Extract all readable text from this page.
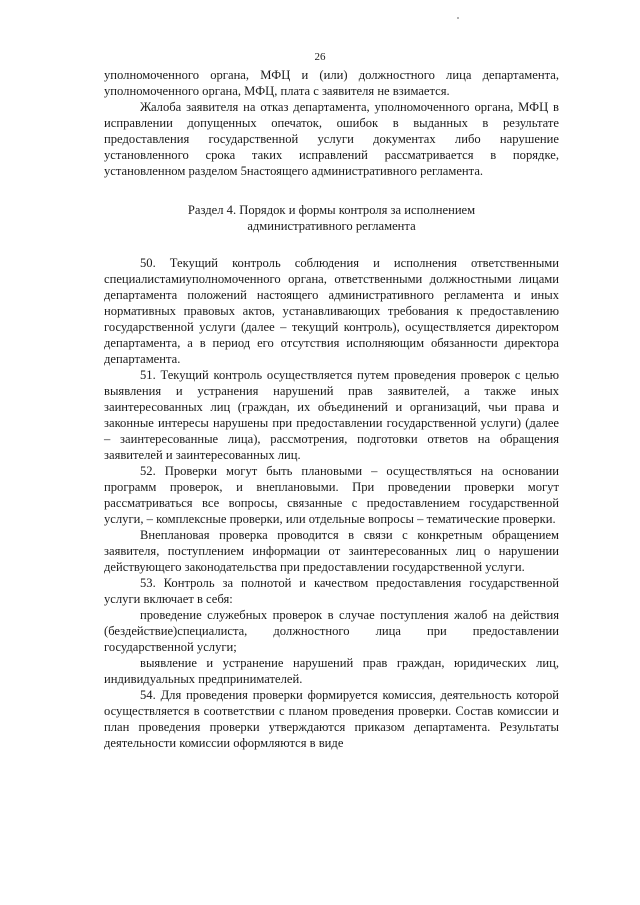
26

уполномоченного органа, МФЦ и (или) должностного лица департамента, уполномоченного органа, МФЦ, плата с заявителя не взимается.

Жалоба заявителя на отказ департамента, уполномоченного органа, МФЦ в исправлении допущенных опечаток, ошибок в выданных в результате предоставления государственной услуги документах либо нарушение установленного срока таких исправлений рассматривается в порядке, установленном разделом 5настоящего административного регламента.

Раздел 4. Порядок и формы контроля за исполнением
административного регламента

50. Текущий контроль соблюдения и исполнения ответственными специалистамиуполномоченного органа, ответственными должностными лицами департамента положений настоящего административного регламента и иных нормативных правовых актов, устанавливающих требования к предоставлению государственной услуги (далее – текущий контроль), осуществляется директором департамента, а в период его отсутствия исполняющим обязанности директора департамента.

51. Текущий контроль осуществляется путем проведения проверок с целью выявления и устранения нарушений прав заявителей, а также иных заинтересованных лиц (граждан, их объединений и организаций, чьи права и законные интересы нарушены при предоставлении государственной услуги) (далее – заинтересованные лица), рассмотрения, подготовки ответов на обращения заявителей и заинтересованных лиц.

52. Проверки могут быть плановыми – осуществляться на основании программ проверок, и внеплановыми. При проведении проверки могут рассматриваться все вопросы, связанные с предоставлением государственной услуги, – комплексные проверки, или отдельные вопросы – тематические проверки.

Внеплановая проверка проводится в связи с конкретным обращением заявителя, поступлением информации от заинтересованных лиц о нарушении действующего законодательства при предоставлении государственной услуги.

53. Контроль за полнотой и качеством предоставления государственной услуги включает в себя:

проведение служебных проверок в случае поступления жалоб на действия (бездействие)специалиста, должностного лица при предоставлении государственной услуги;

выявление и устранение нарушений прав граждан, юридических лиц, индивидуальных предпринимателей.

54. Для проведения проверки формируется комиссия, деятельность которой осуществляется в соответствии с планом проведения проверки. Состав комиссии и план проведения проверки утверждаются приказом департамента. Результаты деятельности комиссии оформляются в виде
